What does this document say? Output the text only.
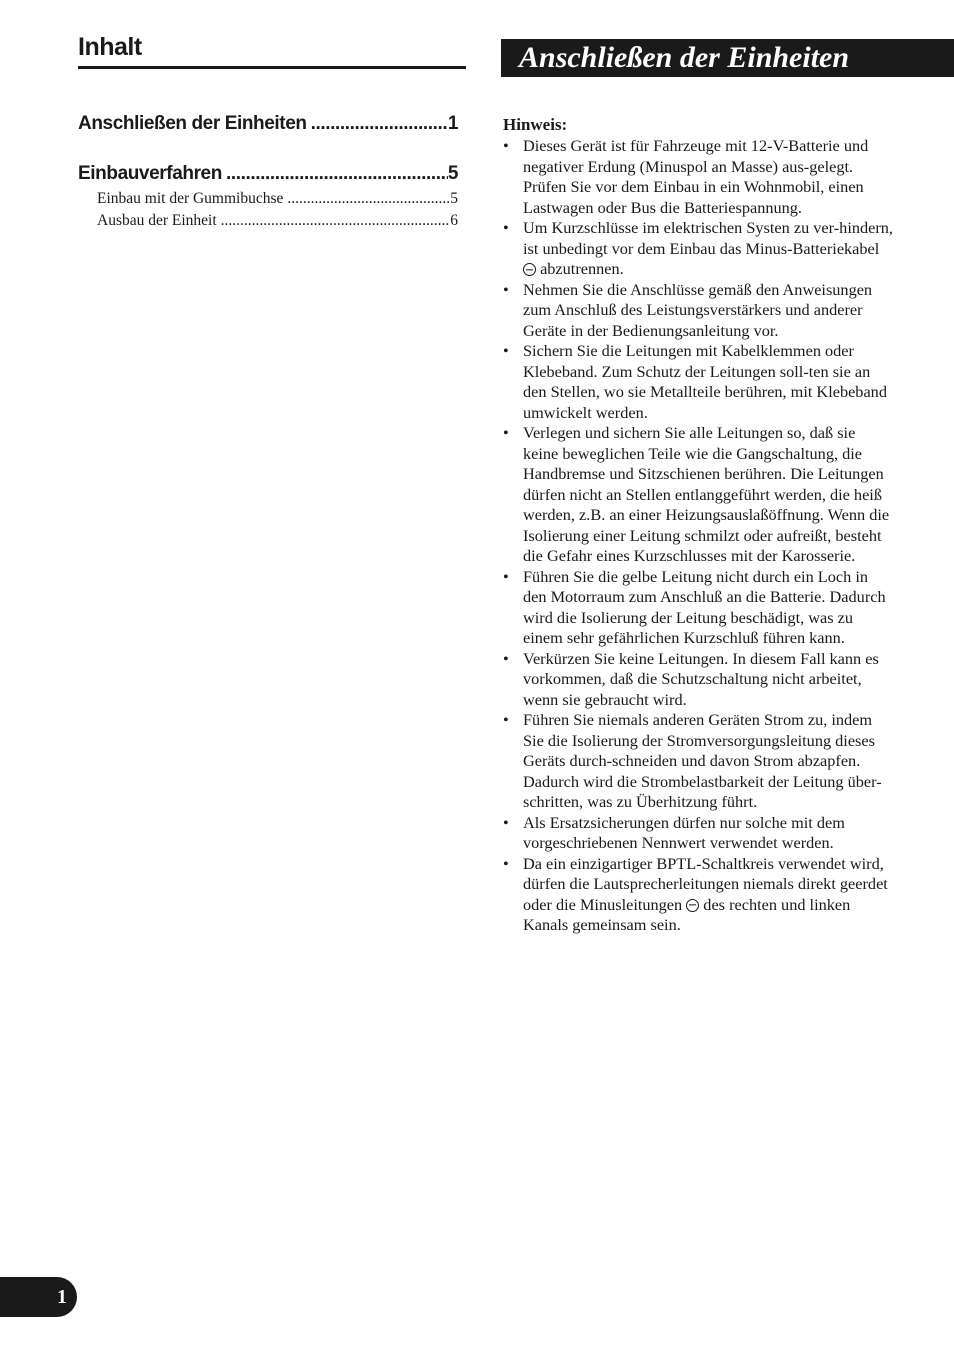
Inhalt	Anschließen der Einheiten
Anschließen der Einheiten .....	1
Einbauverfahren .....	5
Einbau mit der Gummibuchse .....	5
Ausbau der Einheit .....	6

Hinweis:

• Dieses Gerät ist für Fahrzeuge mit 12-V-Batterie und negativer Erdung (Minuspol an Masse) aus-gelegt. Prüfen Sie vor dem Einbau in ein Wohnmobil, einen Lastwagen oder Bus die Batteriespannung.
• Um Kurzschlüsse im elektrischen Systen zu ver-hindern, ist unbedingt vor dem Einbau das Minus-Batteriekabel  abzutrennen.
• Nehmen Sie die Anschlüsse gemäß den Anweisungen zum Anschluß des Leistungsverstärkers und anderer Geräte in der Bedienungsanleitung vor.
• Sichern Sie die Leitungen mit Kabelklemmen oder Klebeband. Zum Schutz der Leitungen soll-ten sie an den Stellen, wo sie Metallteile berühren, mit Klebeband umwickelt werden.
• Verlegen und sichern Sie alle Leitungen so, daß sie keine beweglichen Teile wie die Gangschaltung, die Handbremse und Sitzschienen berühren. Die Leitungen dürfen nicht an Stellen entlanggeführt werden, die heiß werden, z.B. an einer Heizungsauslaßöffnung. Wenn die Isolierung einer Leitung schmilzt oder aufreißt, besteht die Gefahr eines Kurzschlusses mit der Karosserie.
• Führen Sie die gelbe Leitung nicht durch ein Loch in den Motorraum zum Anschluß an die Batterie. Dadurch wird die Isolierung der Leitung beschädigt, was zu einem sehr gefährlichen Kurzschluß führen kann.
• Verkürzen Sie keine Leitungen. In diesem Fall kann es vorkommen, daß die Schutzschaltung nicht arbeitet, wenn sie gebraucht wird.
• Führen Sie niemals anderen Geräten Strom zu, indem Sie die Isolierung der Stromversorgungsleitung dieses Geräts durch-schneiden und davon Strom abzapfen. Dadurch wird die Strombelastbarkeit der Leitung über-schritten, was zu Überhitzung führt.
• Als Ersatzsicherungen dürfen nur solche mit dem vorgeschriebenen Nennwert verwendet werden.
• Da ein einzigartiger BPTL-Schaltkreis verwendet wird, dürfen die Lautsprecherleitungen niemals direkt geerdet oder die Minusleitungen  des rechten und linken Kanals gemeinsam sein.
1
